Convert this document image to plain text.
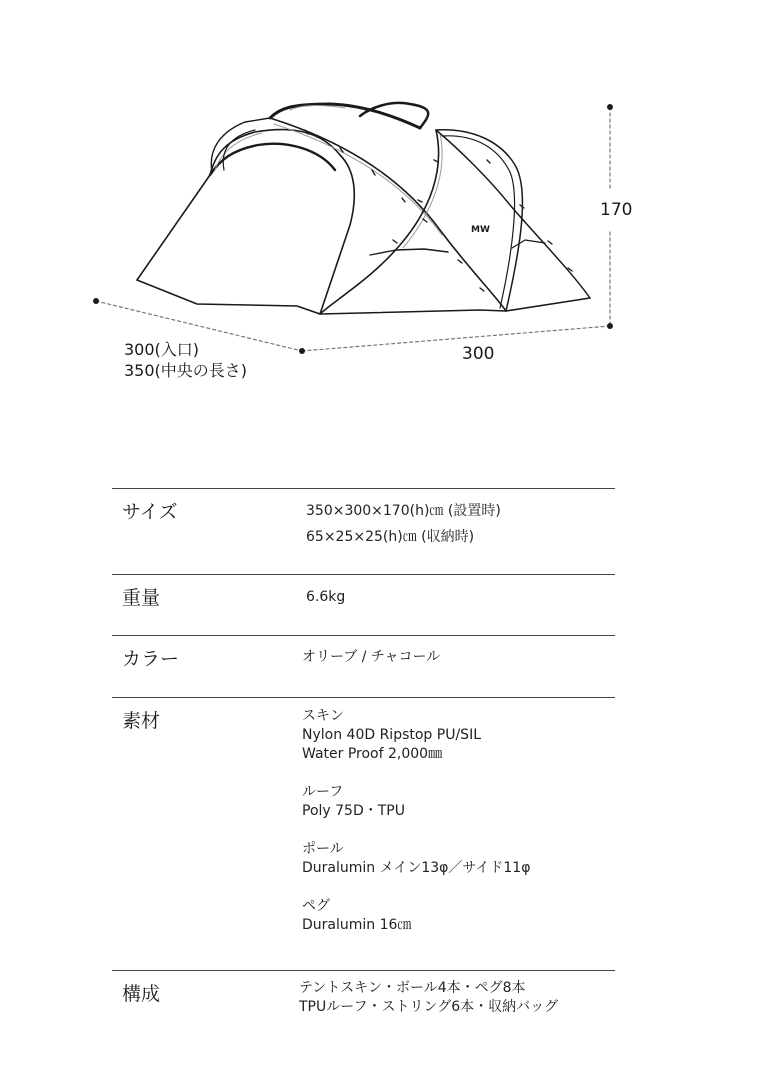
MW
170
300
300(入口)
350(中央の長さ)
サイズ	350×300×170(h)㎝ (設置時)
65×25×25(h)㎝ (収納時)
重量	6.6kg
カラー	オリーブ / チャコール
素材	スキン
Nylon 40D Ripstop PU/SIL
Water Proof 2,000㎜
ルーフ
Poly 75D・TPU
ポール
Duralumin メイン13φ／サイド11φ
ペグ
Duralumin 16㎝
構成	テントスキン・ボール4本・ペグ8本
TPUルーフ・ストリング6本・収納バッグ
